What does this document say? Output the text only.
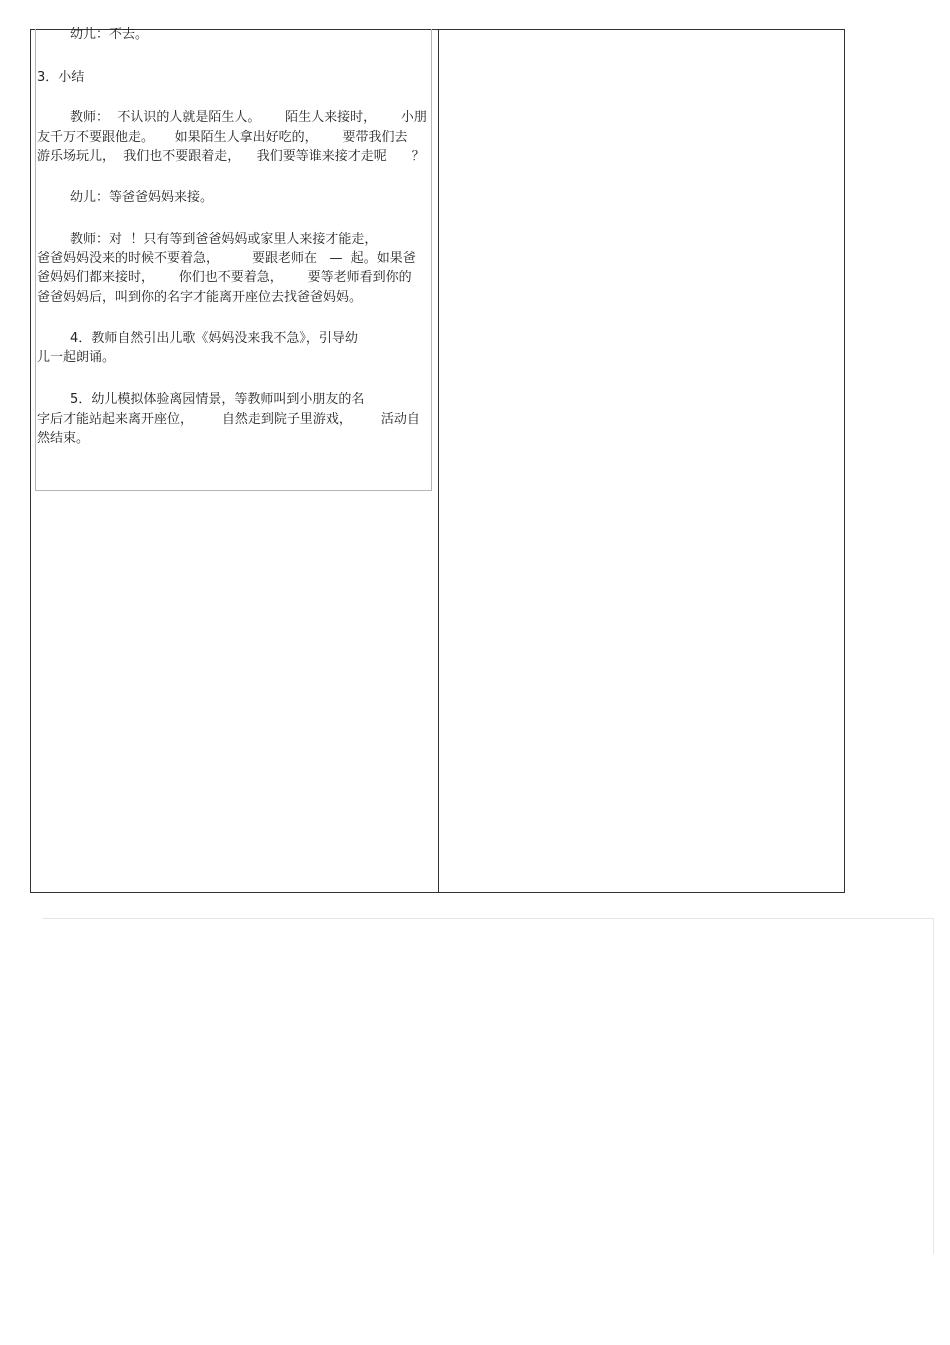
幼儿：不去。
3．小结
教师：  不认识的人就是陌生人。      陌生人来接时，      小朋
友千万不要跟他走。     如果陌生人拿出好吃的，      要带我们去
游乐场玩儿，  我们也不要跟着走，    我们要等谁来接才走呢      ？
幼儿：等爸爸妈妈来接。
教师：对  ！只有等到爸爸妈妈或家里人来接才能走，
爸爸妈妈没来的时候不要着急，        要跟老师在   —  起。如果爸
爸妈妈们都来接时，      你们也不要着急，      要等老师看到你的
爸爸妈妈后，叫到你的名字才能离开座位去找爸爸妈妈。
4．教师自然引出儿歌《妈妈没来我不急》，引导幼
儿一起朗诵。
5．幼儿模拟体验离园情景，等教师叫到小朋友的名
字后才能站起来离开座位，       自然走到院子里游戏，       活动自
然结束。
